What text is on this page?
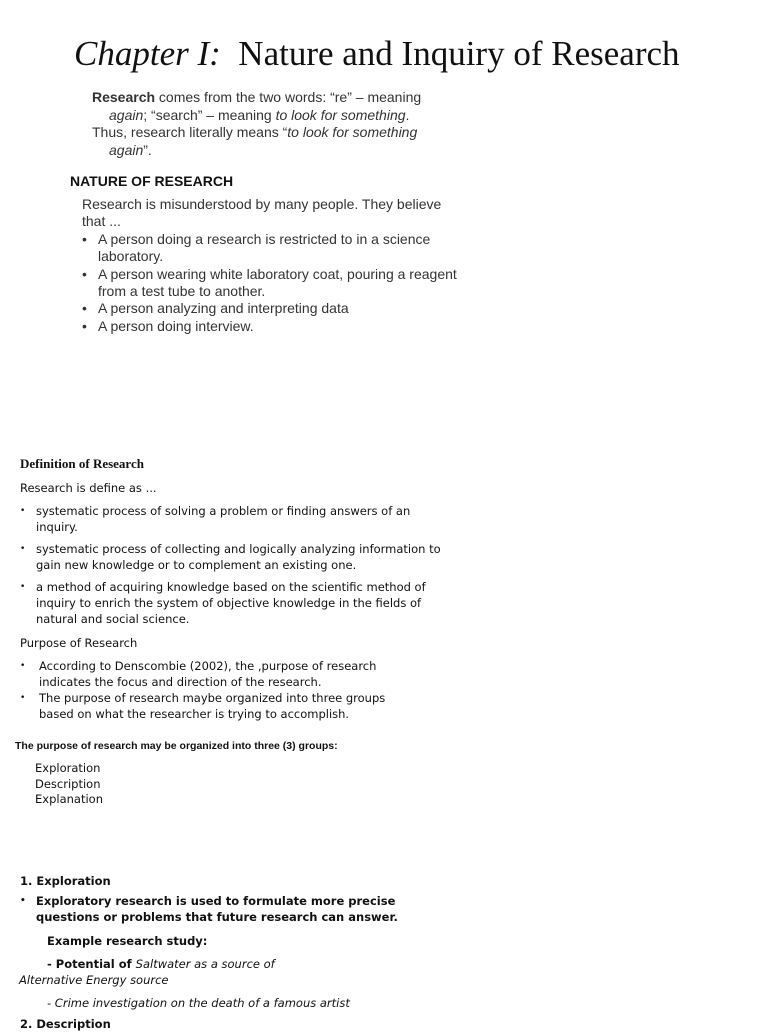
Chapter I: Nature and Inquiry of Research
Research comes from the two words: “re” – meaning
again; “search” – meaning to look for something.
Thus, research literally means “to look for something
again”.
NATURE OF RESEARCH
Research is misunderstood by many people. They believe that ...
• A person doing a research is restricted to in a science laboratory.
• A person wearing white laboratory coat, pouring a reagent from a test tube to another.
• A person analyzing and interpreting data
• A person doing interview.
Definition of Research
Research is define as ...
• systematic process of solving a problem or finding answers of an inquiry.
• systematic process of collecting and logically analyzing information to gain new knowledge or to complement an existing one.
• a method of acquiring knowledge based on the scientific method of inquiry to enrich the system of objective knowledge in the fields of natural and social science.
Purpose of Research
• According to Denscombie (2002), the ,purpose of research indicates the focus and direction of the research.
• The purpose of research maybe organized into three groups based on what the researcher is trying to accomplish.
The purpose of research may be organized into three (3) groups:
Exploration
Description
Explanation
1. Exploration
• Exploratory research is used to formulate more precise questions or problems that future research can answer.
Example research study:
- Potential of Saltwater as a source of
Alternative Energy source
- Crime investigation on the death of a famous artist
2. Description
